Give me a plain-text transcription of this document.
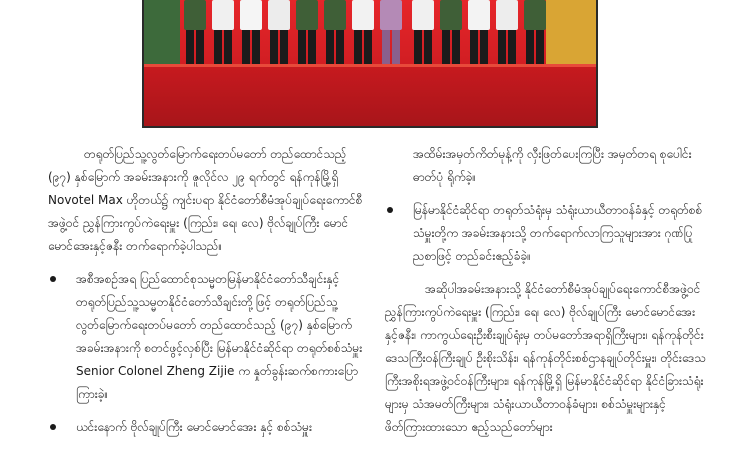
တရုတ်ပြည်သူ့လွတ်မြောက်ရေးတပ်မတော် တည်ထောင်သည့် (၉၇) နှစ်မြောက် အခမ်းအနားကို ဇူလိုင်လ ၂၉ ရက်တွင် ရန်ကုန်မြို့ရှိ Novotel Max ဟိုတယ်၌ ကျင်းပရာ နိုင်ငံတော်စီမံအုပ်ချုပ်ရေးကောင်စီအဖွဲ့ဝင် ညွှန်ကြားကွပ်ကဲရေးမှူး (ကြည်း၊ ရေ၊ လေ) ဗိုလ်ချုပ်ကြီး မောင်မောင်အေးနှင့်ဇနီး တက်ရောက်ခဲ့ပါသည်။

အစီအစဉ်အရ ပြည်ထောင်စုသမ္မတမြန်မာနိုင်ငံတော်သီချင်းနှင့် တရုတ်ပြည်သူ့သမ္မတနိုင်ငံတော်သီချင်းတို့ဖြင့် တရုတ်ပြည်သူ့လွတ်မြောက်ရေးတပ်မတော် တည်ထောင်သည့် (၉၇) နှစ်မြောက် အခမ်းအနားကို စတင်ဖွင့်လှစ်ပြီး မြန်မာနိုင်ငံဆိုင်ရာ တရုတ်စစ်သံမှူး Senior Colonel Zheng Zijie က နှုတ်ခွန်းဆက်စကားပြောကြားခဲ့။

ယင်းနောက် ဗိုလ်ချုပ်ကြီး မောင်မောင်အေး နှင့် စစ်သံမှူး

အထိမ်းအမှတ်ကိတ်မုန့်ကို လှီးဖြတ်ပေးကြပြီး အမှတ်တရ စုပေါင်းဓာတ်ပုံ ရိုက်ခဲ့။

မြန်မာနိုင်ငံဆိုင်ရာ တရုတ်သံရုံးမှ သံရုံးယာယီတာဝန်ခံနှင့် တရုတ်စစ်သံမှူးတို့က အခမ်းအနားသို့ တက်ရောက်လာကြသူများအား ဂုဏ်ပြုညစာဖြင့် တည်ခင်းဧည့်ခံခဲ့။

အဆိုပါအခမ်းအနားသို့ နိုင်ငံတော်စီမံအုပ်ချုပ်ရေးကောင်စီအဖွဲ့ဝင် ညွှန်ကြားကွပ်ကဲရေးမှူး (ကြည်း၊ ရေ၊ လေ) ဗိုလ်ချုပ်ကြီး မောင်မောင်အေးနှင့်ဇနီး၊ ကာကွယ်ရေးဦးစီးချုပ်ရုံးမှ တပ်မတော်အရာရှိကြီးများ၊ ရန်ကုန်တိုင်းဒေသကြီးဝန်ကြီးချုပ် ဦးစိုးသိန်း၊ ရန်ကုန်တိုင်းစစ်ဌာနချုပ်တိုင်းမှူး၊ တိုင်းဒေသကြီးအစိုးရအဖွဲ့ဝင်ဝန်ကြီးများ၊ ရန်ကုန်မြို့ရှိ မြန်မာနိုင်ငံဆိုင်ရာ နိုင်ငံခြားသံရုံးများမှ သံအမတ်ကြီးများ၊ သံရုံးယာယီတာဝန်ခံများ၊ စစ်သံမှူးများနှင့် ဖိတ်ကြားထားသော ဧည့်သည်တော်များ
